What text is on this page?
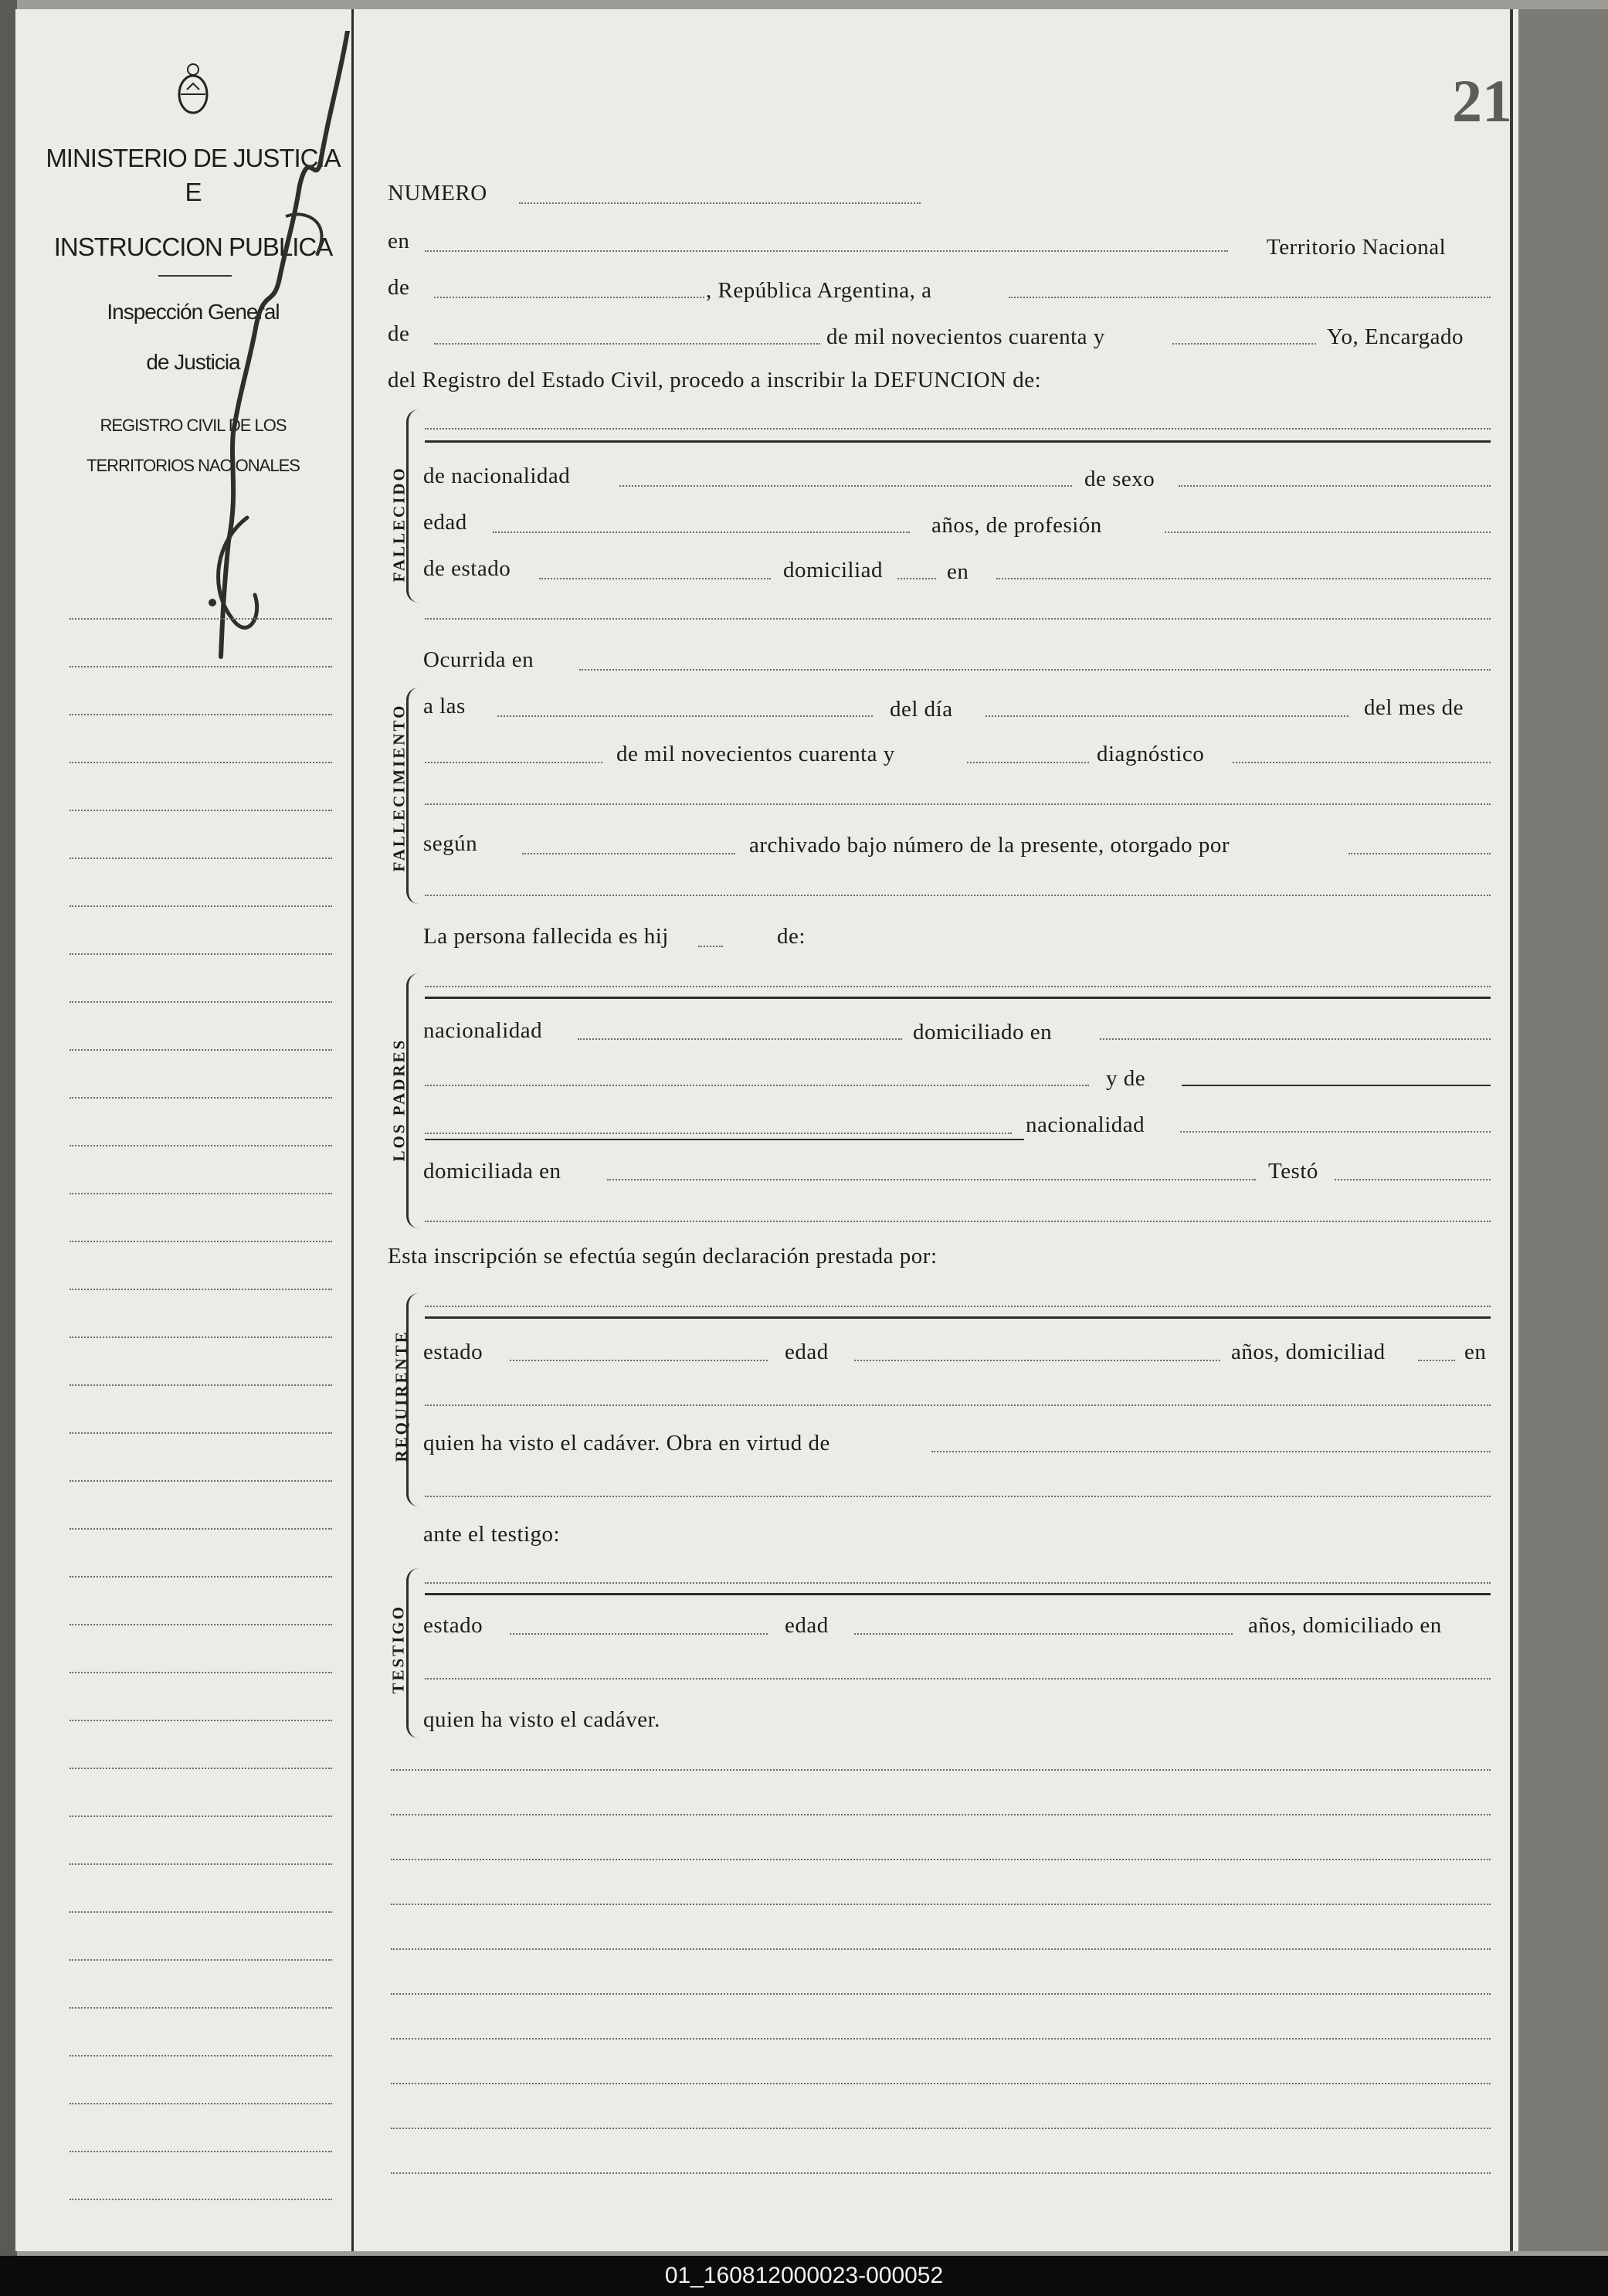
MINISTERIO DE JUSTICIA
E
INSTRUCCION PUBLICA
Inspección General
de Justicia
REGISTRO CIVIL DE LOS
TERRITORIOS NACIONALES
21
NUMERO
en	Territorio Nacional
de	, República Argentina, a
de	de mil novecientos cuarenta y	Yo, Encargado
del Registro del Estado Civil, procedo a inscribir la DEFUNCION de:
FALLECIDO de nacionalidad	de sexo
edad	años, de profesión
de estado	domiciliad	en
Ocurrida en
FALLECIMIENTO a las	del día	del mes de
de mil novecientos cuarenta y	diagnóstico
según	archivado bajo número de la presente, otorgado por
La persona fallecida es hij	de:
LOS PADRES
nacionalidad	domiciliado en
y de
nacionalidad
domiciliada en	Testó
Esta inscripción se efectúa según declaración prestada por:
REQUIRENTE estado	edad	años, domiciliad	en
quien ha visto el cadáver. Obra en virtud de
ante el testigo:
TESTIGO estado	edad	años, domiciliado en
quien ha visto el cadáver.
01_160812000023-000052
